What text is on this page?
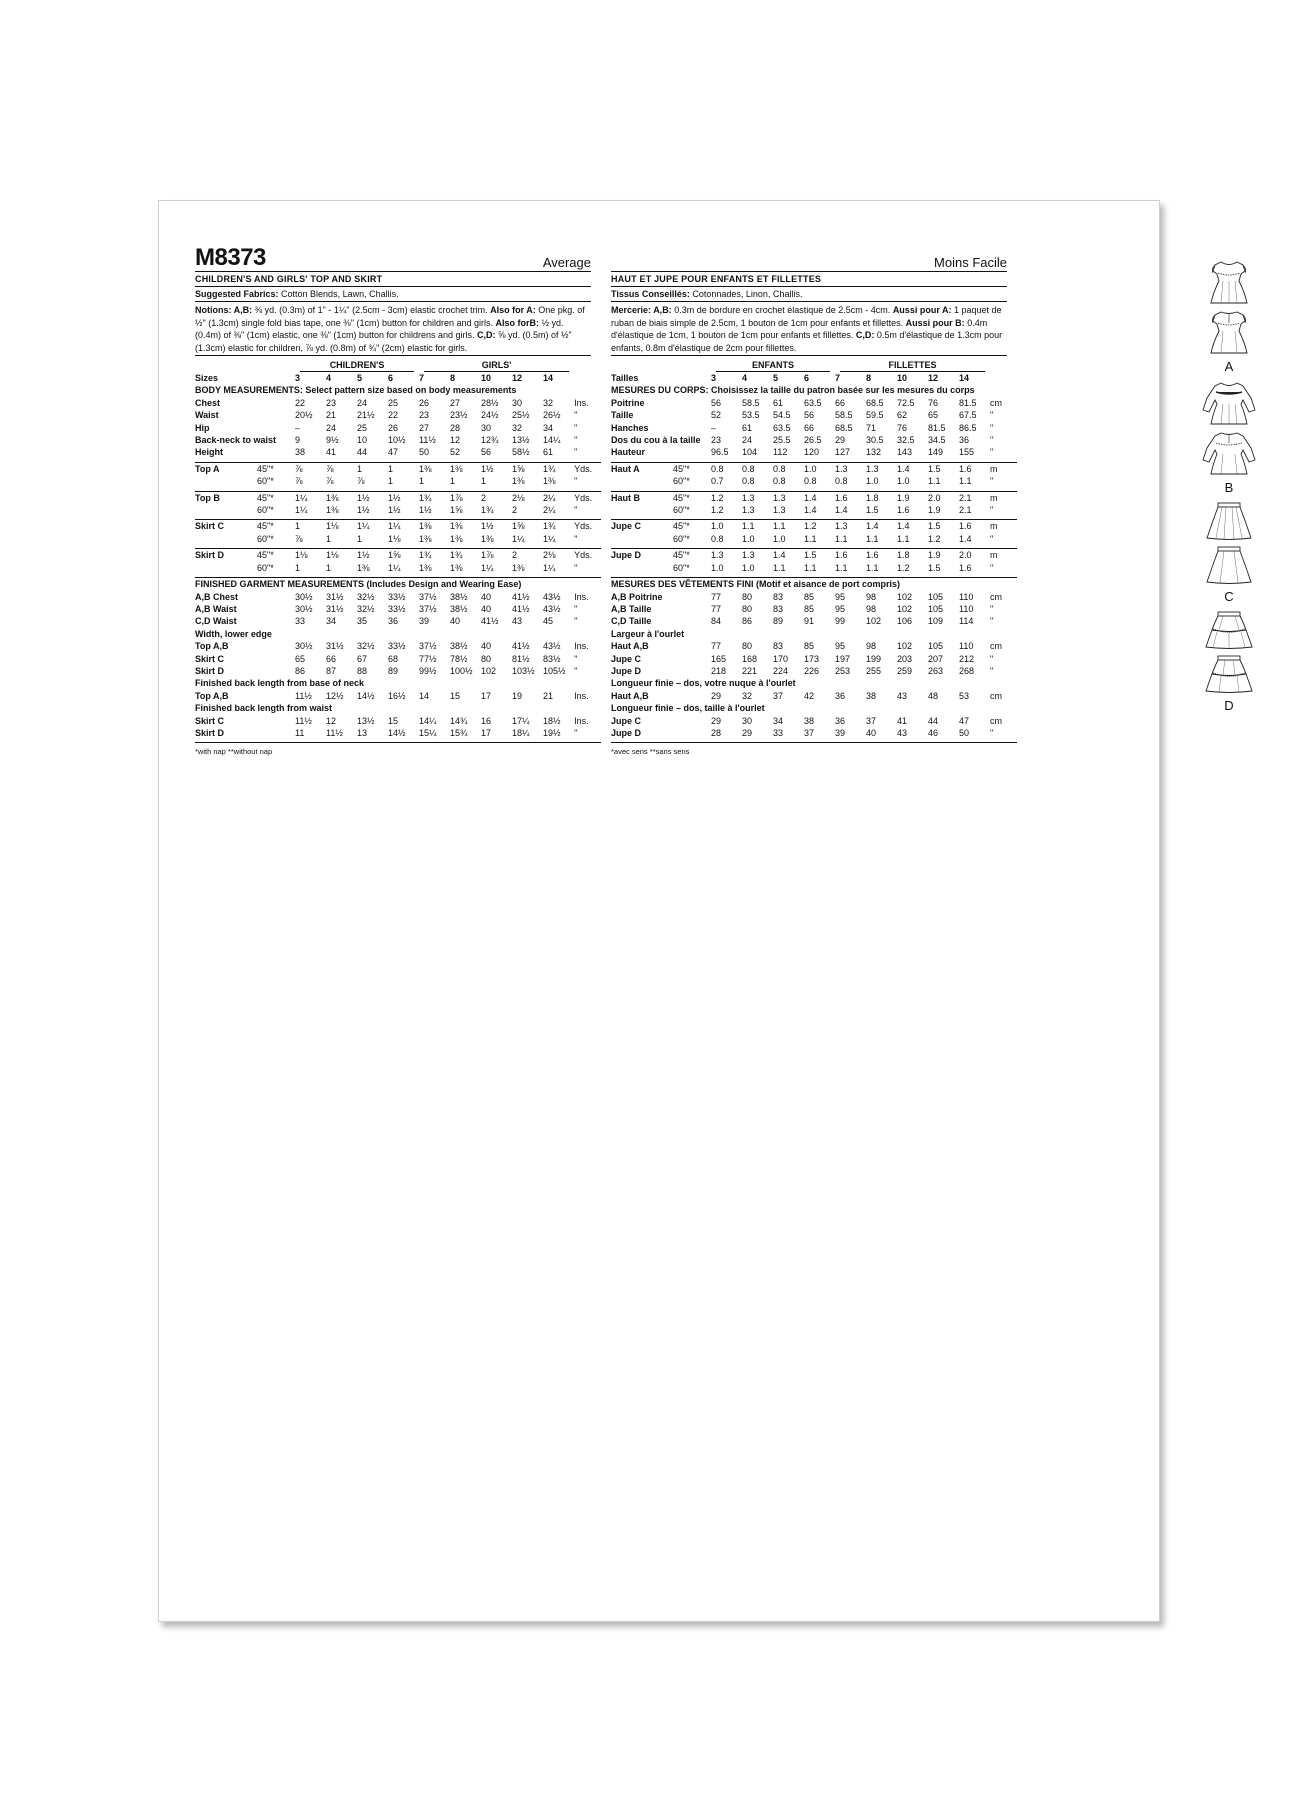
M8373	Average
CHILDREN'S AND GIRLS' TOP AND SKIRT
Suggested Fabrics: Cotton Blends, Lawn, Challis.
Notions: A,B: ⅜ yd. (0.3m) of 1" - 1¼" (2.5cm - 3cm) elastic crochet trim. Also for A: One pkg. of ½" (1.3cm) single fold bias tape, one ⅜" (1cm) button for children and girls. Also forB: ½ yd. (0.4m) of ⅜" (1cm) elastic, one ⅜" (1cm) button for childrens and girls. C,D: ⅝ yd. (0.5m) of ½" (1.3cm) elastic for children, ⅞ yd. (0.8m) of ¾" (2cm) elastic for girls.

		CHILDREN'S				GIRLS'					

Sizes		3	4	5	6	7	8	10	12	14	
BODY MEASUREMENTS: Select pattern size based on body measurements											
Chest		22	23	24	25	26	27	28½	30	32	Ins.
Waist		20½	21	21½	22	23	23½	24½	25½	26½	"
Hip		–	24	25	26	27	28	30	32	34	"
Back-neck to waist		9	9½	10	10½	11½	12	12¾	13½	14¼	"
Height		38	41	44	47	50	52	56	58½	61	"

Top A	45"*	⅞	⅞	1	1	1⅜	1⅜	1½	1⅝	1¾	Yds.
	60"*	⅞	⅞	⅞	1	1	1	1	1⅜	1⅜	"

Top B	45"*	1¼	1⅜	1½	1½	1¾	1⅞	2	2⅛	2¼	Yds.
	60"*	1¼	1⅜	1½	1½	1½	1⅝	1¾	2	2¼	"

Skirt C	45"*	1	1⅛	1¼	1¼	1⅜	1⅜	1½	1⅝	1¾	Yds.
	60"*	⅞	1	1	1⅛	1⅜	1⅜	1⅜	1¼	1¼	"

Skirt D	45"*	1⅛	1⅛	1½	1⅝	1¾	1¾	1⅞	2	2⅛	Yds.
	60"*	1	1	1⅜	1¼	1⅜	1⅜	1¼	1⅜	1¼	"

FINISHED GARMENT MEASUREMENTS (Includes Design and Wearing Ease)											
A,B Chest		30½	31½	32½	33½	37½	38½	40	41½	43½	Ins.
A,B Waist		30½	31½	32½	33½	37½	38½	40	41½	43½	"
C,D Waist		33	34	35	36	39	40	41½	43	45	"
Width, lower edge											
Top A,B		30½	31½	32½	33½	37½	38½	40	41½	43½	Ins.
Skirt C		65	66	67	68	77½	78½	80	81½	83½	"
Skirt D		86	87	88	89	99½	100½	102	103½	105½	"
Finished back length from base of neck											
Top A,B		11½	12½	14½	16½	14	15	17	19	21	Ins.
Finished back length from waist											
Skirt C		11½	12	13½	15	14¼	14¾	16	17¼	18½	Ins.
Skirt D		11	11½	13	14½	15¼	15¾	17	18¼	19½	"

*with nap **without nap
Moins Facile
HAUT ET JUPE POUR ENFANTS ET FILLETTES
Tissus Conseillés: Cotonnades, Linon, Challis.
Mercerie: A,B: 0.3m de bordure en crochet élastique de 2.5cm - 4cm. Aussi pour A: 1 paquet de ruban de biais simple de 2.5cm, 1 bouton de 1cm pour enfants et fillettes. Aussi pour B: 0.4m d'élastique de 1cm, 1 bouton de 1cm pour enfants et fillettes. C,D: 0.5m d'élastique de 1.3cm pour enfants, 0.8m d'élastique de 2cm pour fillettes.

		ENFANTS				FILLETTES					

Tailles		3	4	5	6	7	8	10	12	14	
MESURES DU CORPS: Choisissez la taille du patron basée sur les mesures du corps											
Poitrine		56	58.5	61	63.5	66	68.5	72.5	76	81.5	cm
Taille		52	53.5	54.5	56	58.5	59.5	62	65	67.5	"
Hanches		–	61	63.5	66	68.5	71	76	81.5	86.5	"
Dos du cou à la taille		23	24	25.5	26.5	29	30.5	32.5	34.5	36	"
Hauteur		96.5	104	112	120	127	132	143	149	155	"

Haut A	45"*	0.8	0.8	0.8	1.0	1.3	1.3	1.4	1.5	1.6	m
	60"*	0.7	0.8	0.8	0.8	0.8	1.0	1.0	1.1	1.1	"

Haut B	45"*	1.2	1.3	1.3	1.4	1.6	1.8	1.9	2.0	2.1	m
	60"*	1.2	1.3	1.3	1.4	1.4	1.5	1.6	1.9	2.1	"

Jupe C	45"*	1.0	1.1	1.1	1.2	1.3	1.4	1.4	1.5	1.6	m
	60"*	0.8	1.0	1.0	1.1	1.1	1.1	1.1	1.2	1.4	"

Jupe D	45"*	1.3	1.3	1.4	1.5	1.6	1.6	1.8	1.9	2.0	m
	60"*	1.0	1.0	1.1	1.1	1.1	1.1	1.2	1.5	1.6	"

MESURES DES VÊTEMENTS FINI (Motif et aisance de port compris)											
A,B Poitrine		77	80	83	85	95	98	102	105	110	cm
A,B Taille		77	80	83	85	95	98	102	105	110	"
C,D Taille		84	86	89	91	99	102	106	109	114	"
Largeur à l'ourlet											
Haut A,B		77	80	83	85	95	98	102	105	110	cm
Jupe C		165	168	170	173	197	199	203	207	212	"
Jupe D		218	221	224	226	253	255	259	263	268	"
Longueur finie – dos, votre nuque à l'ourlet											
Haut A,B		29	32	37	42	36	38	43	48	53	cm
Longueur finie – dos, taille à l'ourlet											
Jupe C		29	30	34	38	36	37	41	44	47	cm
Jupe D		28	29	33	37	39	40	43	46	50	"

*avec sens **sans sens
A
B
C
D
